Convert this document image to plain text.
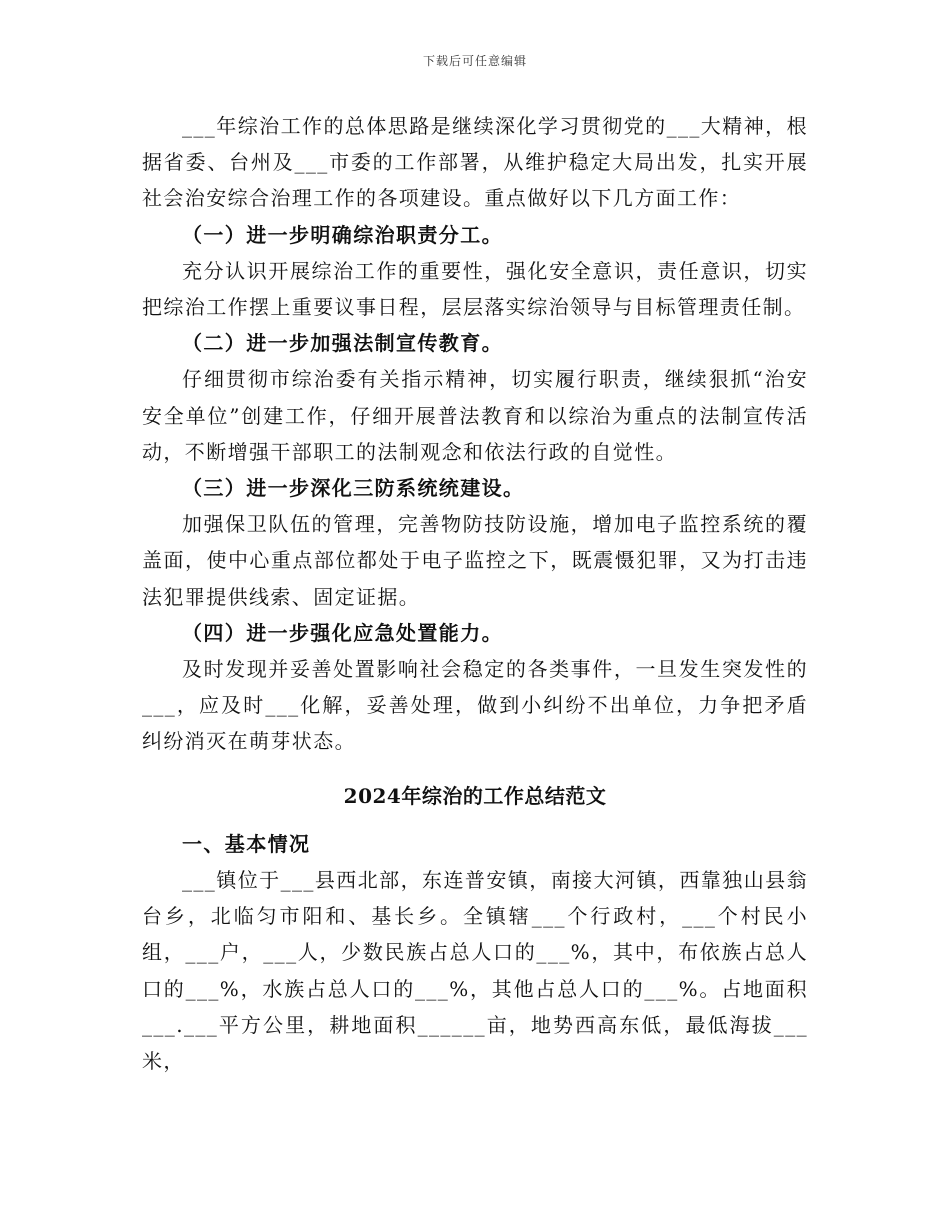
下载后可任意编辑

___年综治工作的总体思路是继续深化学习贯彻党的___大精神，根据省委、台州及___市委的工作部署，从维护稳定大局出发，扎实开展社会治安综合治理工作的各项建设。重点做好以下几方面工作：

（一）进一步明确综治职责分工。

充分认识开展综治工作的重要性，强化安全意识，责任意识，切实把综治工作摆上重要议事日程，层层落实综治领导与目标管理责任制。

（二）进一步加强法制宣传教育。

仔细贯彻市综治委有关指示精神，切实履行职责，继续狠抓“治安安全单位”创建工作，仔细开展普法教育和以综治为重点的法制宣传活动，不断增强干部职工的法制观念和依法行政的自觉性。

（三）进一步深化三防系统统建设。

加强保卫队伍的管理，完善物防技防设施，增加电子监控系统的覆盖面，使中心重点部位都处于电子监控之下，既震慑犯罪，又为打击违法犯罪提供线索、固定证据。

（四）进一步强化应急处置能力。

及时发现并妥善处置影响社会稳定的各类事件，一旦发生突发性的___，应及时___化解，妥善处理，做到小纠纷不出单位，力争把矛盾纠纷消灭在萌芽状态。

2024年综治的工作总结范文

一、基本情况

___镇位于___县西北部，东连普安镇，南接大河镇，西靠独山县翁台乡，北临匀市阳和、基长乡。全镇辖___个行政村，___个村民小组，___户，___人，少数民族占总人口的___%，其中，布依族占总人口的___%，水族占总人口的___%，其他占总人口的___%。占地面积___.___平方公里，耕地面积______亩，地势西高东低，最低海拔___米，
